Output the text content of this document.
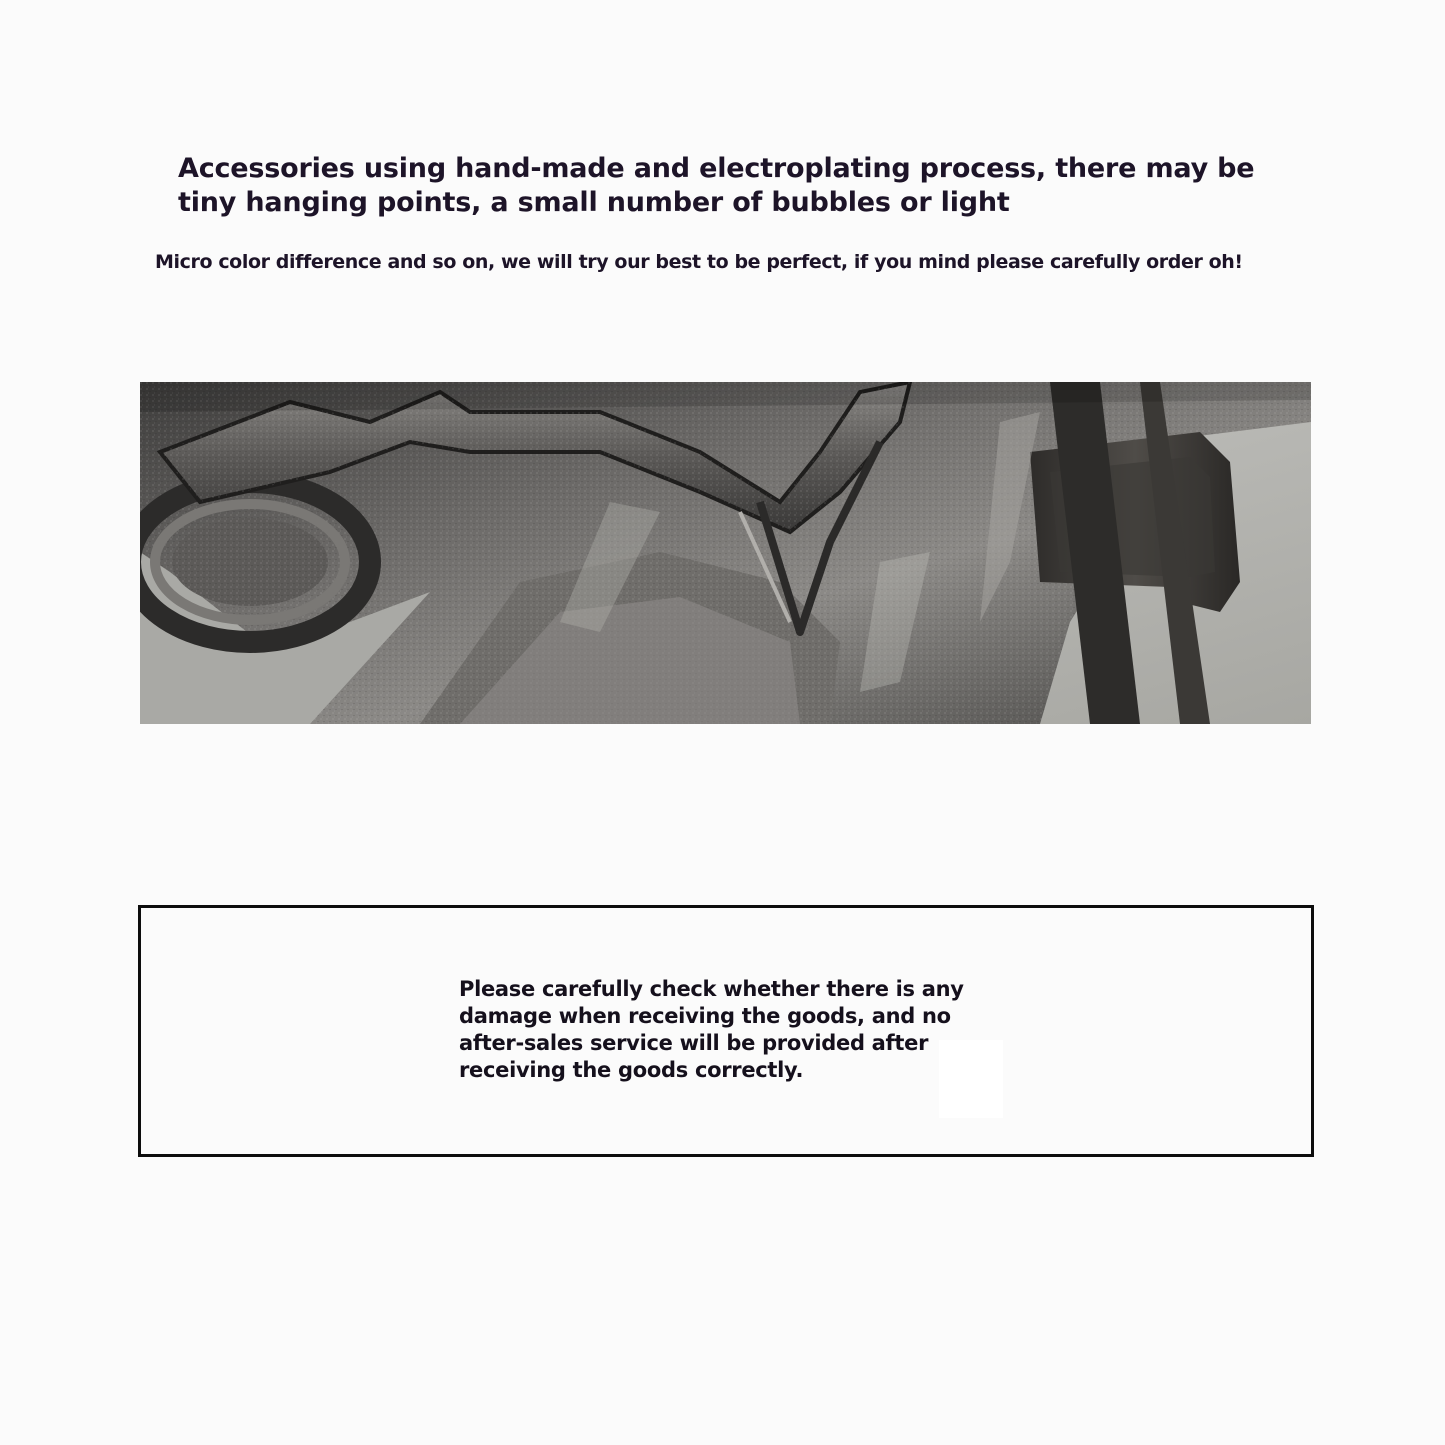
Accessories using hand-made and electroplating process, there may be tiny hanging points, a small number of bubbles or light

Micro color difference and so on, we will try our best to be perfect, if you mind please carefully order oh!

Please carefully check whether there is any damage when receiving the goods, and no after-sales service will be provided after receiving the goods correctly.
